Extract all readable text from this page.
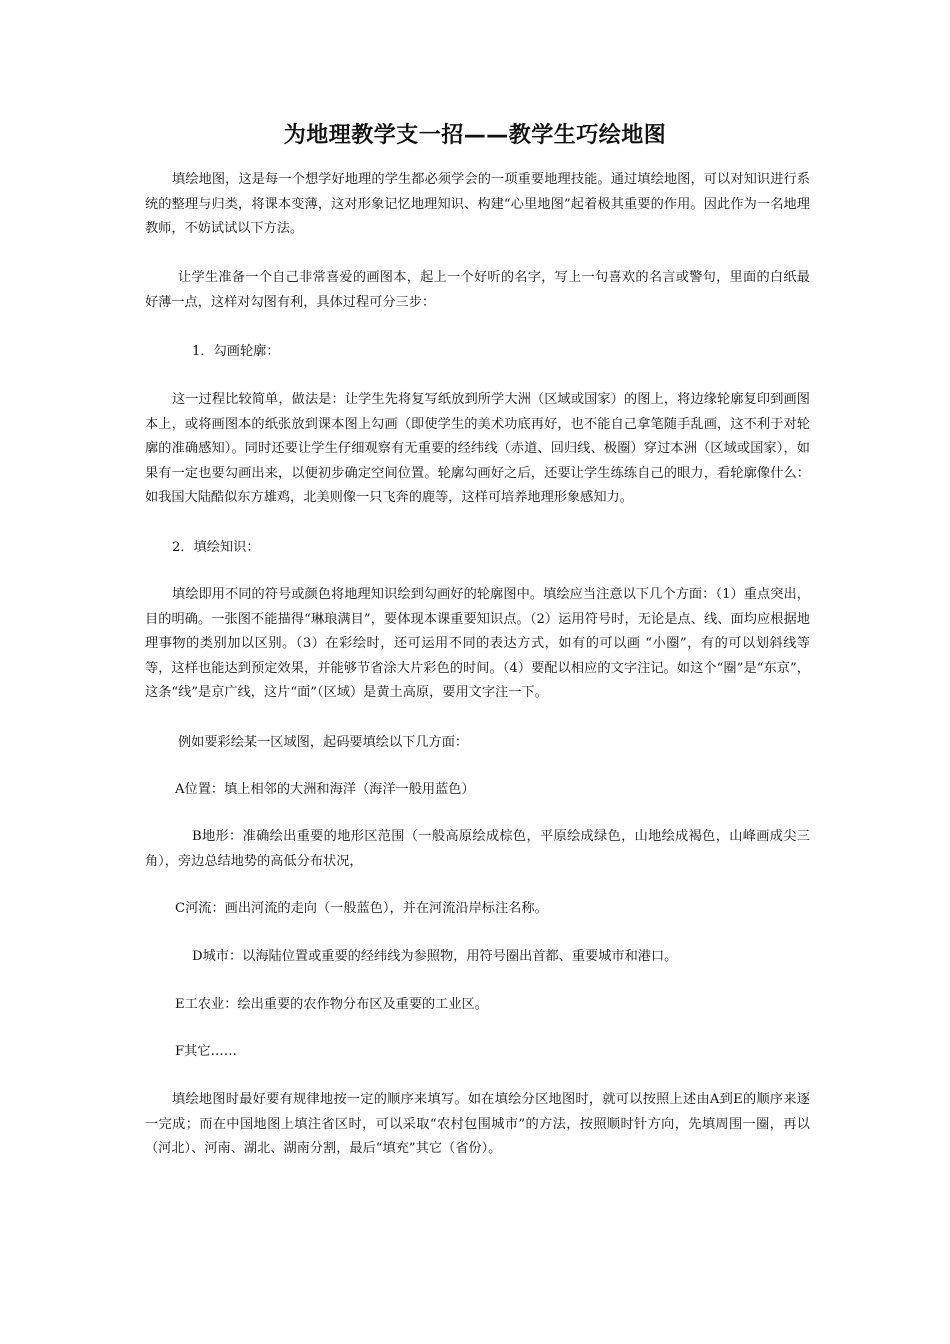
为地理教学支一招——教学生巧绘地图

填绘地图，这是每一个想学好地理的学生都必须学会的一项重要地理技能。通过填绘地图，可以对知识进行系统的整理与归类，将课本变薄，这对形象记忆地理知识、构建“心里地图”起着极其重要的作用。因此作为一名地理教师，不妨试试以下方法。

让学生准备一个自己非常喜爱的画图本，起上一个好听的名字，写上一句喜欢的名言或警句，里面的白纸最好薄一点，这样对勾图有利，具体过程可分三步：

1．勾画轮廓：

这一过程比较简单，做法是：让学生先将复写纸放到所学大洲（区域或国家）的图上，将边缘轮廓复印到画图本上，或将画图本的纸张放到课本图上勾画（即使学生的美术功底再好，也不能自己拿笔随手乱画，这不利于对轮廓的准确感知）。同时还要让学生仔细观察有无重要的经纬线（赤道、回归线、极圈）穿过本洲（区域或国家），如果有一定也要勾画出来，以便初步确定空间位置。轮廓勾画好之后，还要让学生练练自己的眼力，看轮廓像什么：如我国大陆酷似东方雄鸡，北美则像一只飞奔的鹿等，这样可培养地理形象感知力。

2．填绘知识：

填绘即用不同的符号或颜色将地理知识绘到勾画好的轮廓图中。填绘应当注意以下几个方面：（1）重点突出，目的明确。一张图不能描得“琳琅满目”，要体现本课重要知识点。（2）运用符号时，无论是点、线、面均应根据地理事物的类别加以区别。（3）在彩绘时，还可运用不同的表达方式，如有的可以画 “小圈”，有的可以划斜线等等，这样也能达到预定效果，并能够节省涂大片彩色的时间。（4）要配以相应的文字注记。如这个“圈”是“东京”，这条“线”是京广线，这片“面”（区域）是黄土高原，要用文字注一下。

例如要彩绘某一区域图，起码要填绘以下几方面：
A位置：填上相邻的大洲和海洋（海洋一般用蓝色）

B地形：准确绘出重要的地形区范围（一般高原绘成棕色，平原绘成绿色，山地绘成褐色，山峰画成尖三角），旁边总结地势的高低分布状况，

C河流：画出河流的走向（一般蓝色），并在河流沿岸标注名称。
D城市：以海陆位置或重要的经纬线为参照物，用符号圈出首都、重要城市和港口。
E工农业：绘出重要的农作物分布区及重要的工业区。
F其它……

填绘地图时最好要有规律地按一定的顺序来填写。如在填绘分区地图时，就可以按照上述由A到E的顺序来逐一完成；而在中国地图上填注省区时，可以采取“农村包围城市”的方法，按照顺时针方向，先填周围一圈，再以（河北）、河南、湖北、湖南分割，最后“填充”其它（省份）。
